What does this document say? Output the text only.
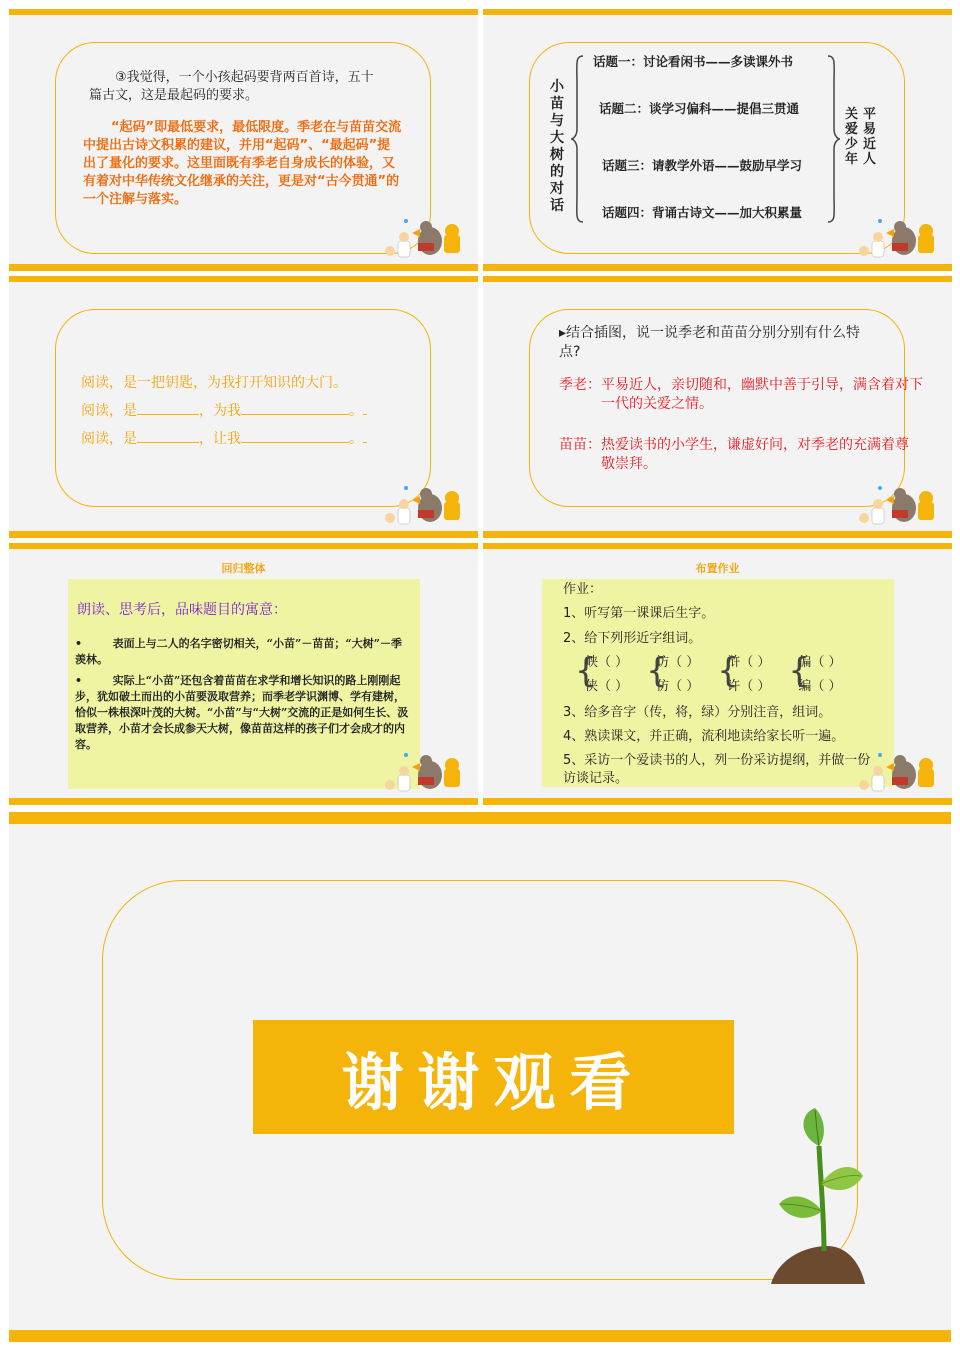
③我觉得，一个小孩起码要背两百首诗，五十篇古文，这是最起码的要求。
“起码”即最低要求，最低限度。季老在与苗苗交流中提出古诗文积累的建议，并用“起码”、“最起码”提出了量化的要求。这里面既有季老自身成长的体验，又有着对中华传统文化继承的关注，更是对“古今贯通”的一个注解与落实。
小苗与大树的对话
话题一：讨论看闲书——多读课外书
话题二：谈学习偏科——提倡三贯通
话题三：请教学外语——鼓励早学习
话题四：背诵古诗文——加大积累量
关爱少年
平易近人
阅读，是一把钥匙，为我打开知识的大门。
阅读，是	，为我	。
阅读，是	，让我	。
▸结合插图，说一说季老和苗苗分别分别有什么特点?
季老：平易近人，亲切随和，幽默中善于引导，满含着对下一代的关爱之情。
苗苗：热爱读书的小学生，谦虚好问，对季老的充满着尊敬崇拜。
回归整体
朗读、思考后，品味题目的寓意：
•        表面上与二人的名字密切相关，“小苗”－苗苗；“大树”－季羡林。
•        实际上“小苗”还包含着苗苗在求学和增长知识的路上刚刚起步，犹如破土而出的小苗要汲取营养；而季老学识渊博、学有建树，恰似一株根深叶茂的大树。“小苗”与“大树”交流的正是如何生长、汲取营养，小苗才会长成参天大树，像苗苗这样的孩子们才会成才的内容。
布置作业
作业：
1、听写第一课课后生字。
2、给下列形近字组词。
{
峡（ ）
侠（ ） {
访（ ）
仿（ ） {
浒（ ）
许（ ） {
偏（ ）
编（ ）
3、给多音字（传，将，绿）分别注音，组词。
4、熟读课文，并正确，流利地读给家长听一遍。
5、采访一个爱读书的人，列一份采访提纲，并做一份访谈记录。
谢谢观看
